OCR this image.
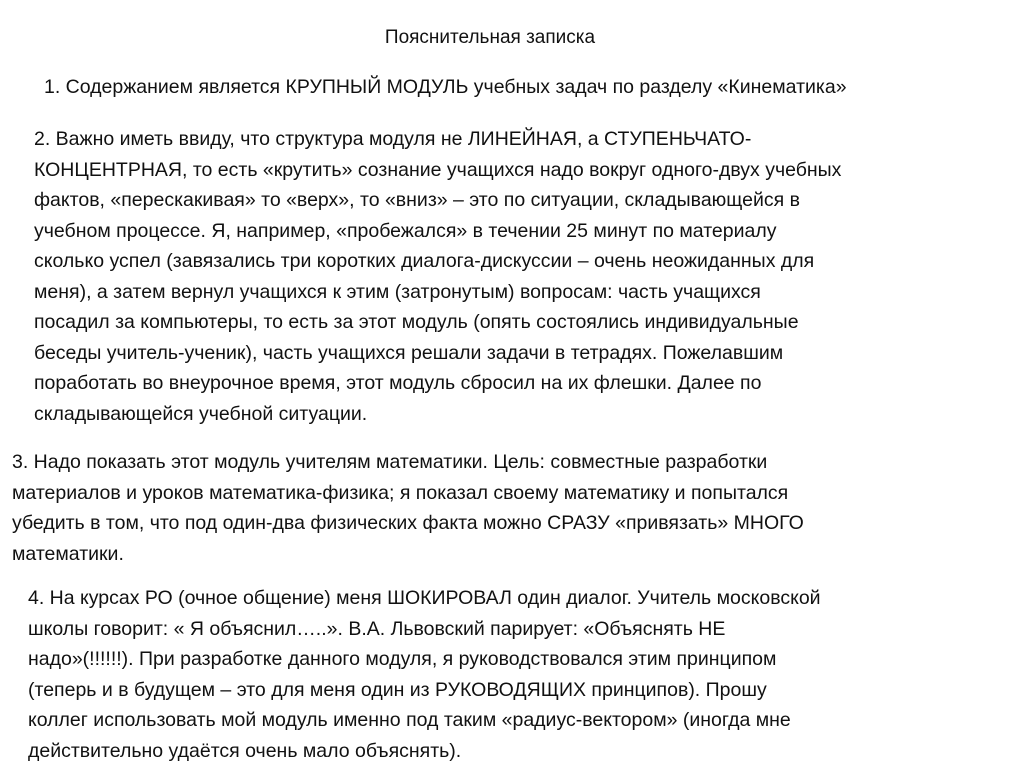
Пояснительная записка
1. Содержанием является КРУПНЫЙ МОДУЛЬ учебных задач по разделу «Кинематика»
2. Важно иметь ввиду, что структура модуля не ЛИНЕЙНАЯ, а СТУПЕНЬЧАТО-
КОНЦЕНТРНАЯ, то есть «крутить» сознание учащихся надо вокруг одного-двух учебных
фактов, «перескакивая» то «верх», то «вниз» – это по ситуации, складывающейся в
учебном процессе. Я, например, «пробежался» в течении 25 минут по материалу
сколько успел (завязались три коротких диалога-дискуссии – очень неожиданных для
меня), а затем вернул учащихся к этим (затронутым) вопросам: часть учащихся
посадил за компьютеры, то есть за этот модуль (опять состоялись индивидуальные
беседы учитель-ученик), часть учащихся решали задачи в тетрадях. Пожелавшим
поработать во внеурочное время, этот модуль сбросил на их флешки. Далее по
складывающейся учебной ситуации.
3. Надо показать этот модуль учителям математики. Цель: совместные разработки
материалов и уроков математика-физика; я показал своему математику и попытался
убедить в том, что под один-два физических факта можно СРАЗУ «привязать» МНОГО
математики.
4. На курсах РО (очное общение) меня ШОКИРОВАЛ один диалог. Учитель московской
школы говорит: « Я объяснил…..». В.А. Львовский парирует: «Объяснять НЕ
надо»(!!!!!!). При разработке данного модуля, я руководствовался этим принципом
(теперь и в будущем – это для меня один из РУКОВОДЯЩИХ принципов). Прошу
коллег использовать мой модуль именно под таким «радиус-вектором» (иногда мне
действительно удаётся очень мало объяснять).
